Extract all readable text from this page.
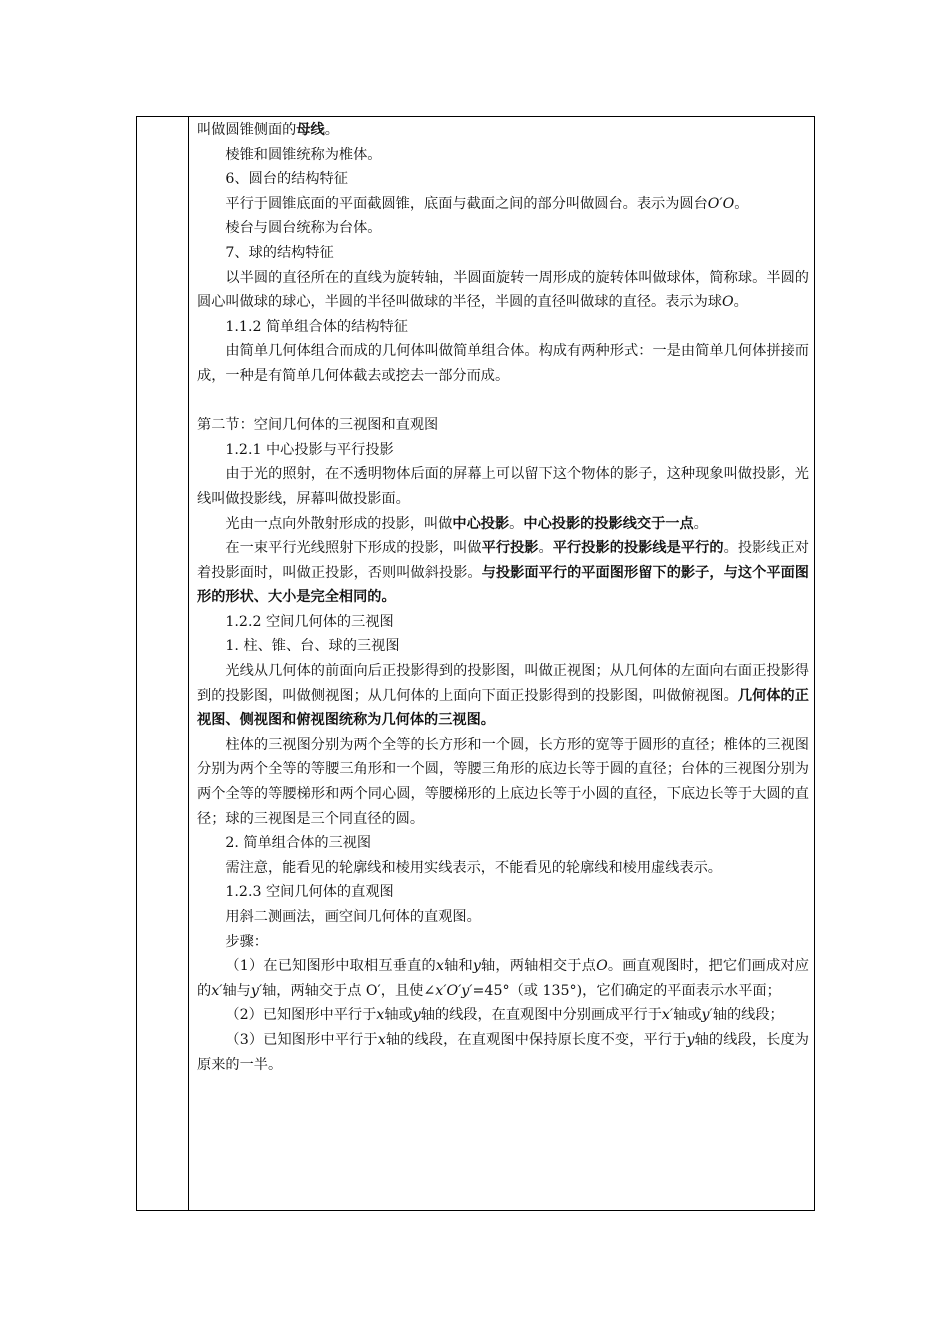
叫做圆锥侧面的母线。

棱锥和圆锥统称为椎体。

6、圆台的结构特征

平行于圆锥底面的平面截圆锥，底面与截面之间的部分叫做圆台。表示为圆台O′O。

棱台与圆台统称为台体。

7、球的结构特征

以半圆的直径所在的直线为旋转轴，半圆面旋转一周形成的旋转体叫做球体，简称球。半圆的圆心叫做球的球心，半圆的半径叫做球的半径，半圆的直径叫做球的直径。表示为球O。

1.1.2 简单组合体的结构特征

由简单几何体组合而成的几何体叫做简单组合体。构成有两种形式：一是由简单几何体拼接而成，一种是有简单几何体截去或挖去一部分而成。

第二节：空间几何体的三视图和直观图

1.2.1 中心投影与平行投影

由于光的照射，在不透明物体后面的屏幕上可以留下这个物体的影子，这种现象叫做投影，光线叫做投影线，屏幕叫做投影面。

光由一点向外散射形成的投影，叫做中心投影。中心投影的投影线交于一点。

在一束平行光线照射下形成的投影，叫做平行投影。平行投影的投影线是平行的。投影线正对着投影面时，叫做正投影，否则叫做斜投影。与投影面平行的平面图形留下的影子，与这个平面图形的形状、大小是完全相同的。

1.2.2 空间几何体的三视图

1. 柱、锥、台、球的三视图

光线从几何体的前面向后正投影得到的投影图，叫做正视图；从几何体的左面向右面正投影得到的投影图，叫做侧视图；从几何体的上面向下面正投影得到的投影图，叫做俯视图。几何体的正视图、侧视图和俯视图统称为几何体的三视图。

柱体的三视图分别为两个全等的长方形和一个圆，长方形的宽等于圆形的直径；椎体的三视图分别为两个全等的等腰三角形和一个圆，等腰三角形的底边长等于圆的直径；台体的三视图分别为两个全等的等腰梯形和两个同心圆，等腰梯形的上底边长等于小圆的直径，下底边长等于大圆的直径；球的三视图是三个同直径的圆。

2. 简单组合体的三视图

需注意，能看见的轮廓线和棱用实线表示，不能看见的轮廓线和棱用虚线表示。

1.2.3 空间几何体的直观图

用斜二测画法，画空间几何体的直观图。

步骤：

（1）在已知图形中取相互垂直的x轴和y轴，两轴相交于点O。画直观图时，把它们画成对应的x′轴与y′轴，两轴交于点 O′，且使∠x′O′y′=45°（或 135°)，它们确定的平面表示水平面；

（2）已知图形中平行于x轴或y轴的线段，在直观图中分别画成平行于x′轴或y′轴的线段；

（3）已知图形中平行于x轴的线段，在直观图中保持原长度不变，平行于y轴的线段，长度为原来的一半。
